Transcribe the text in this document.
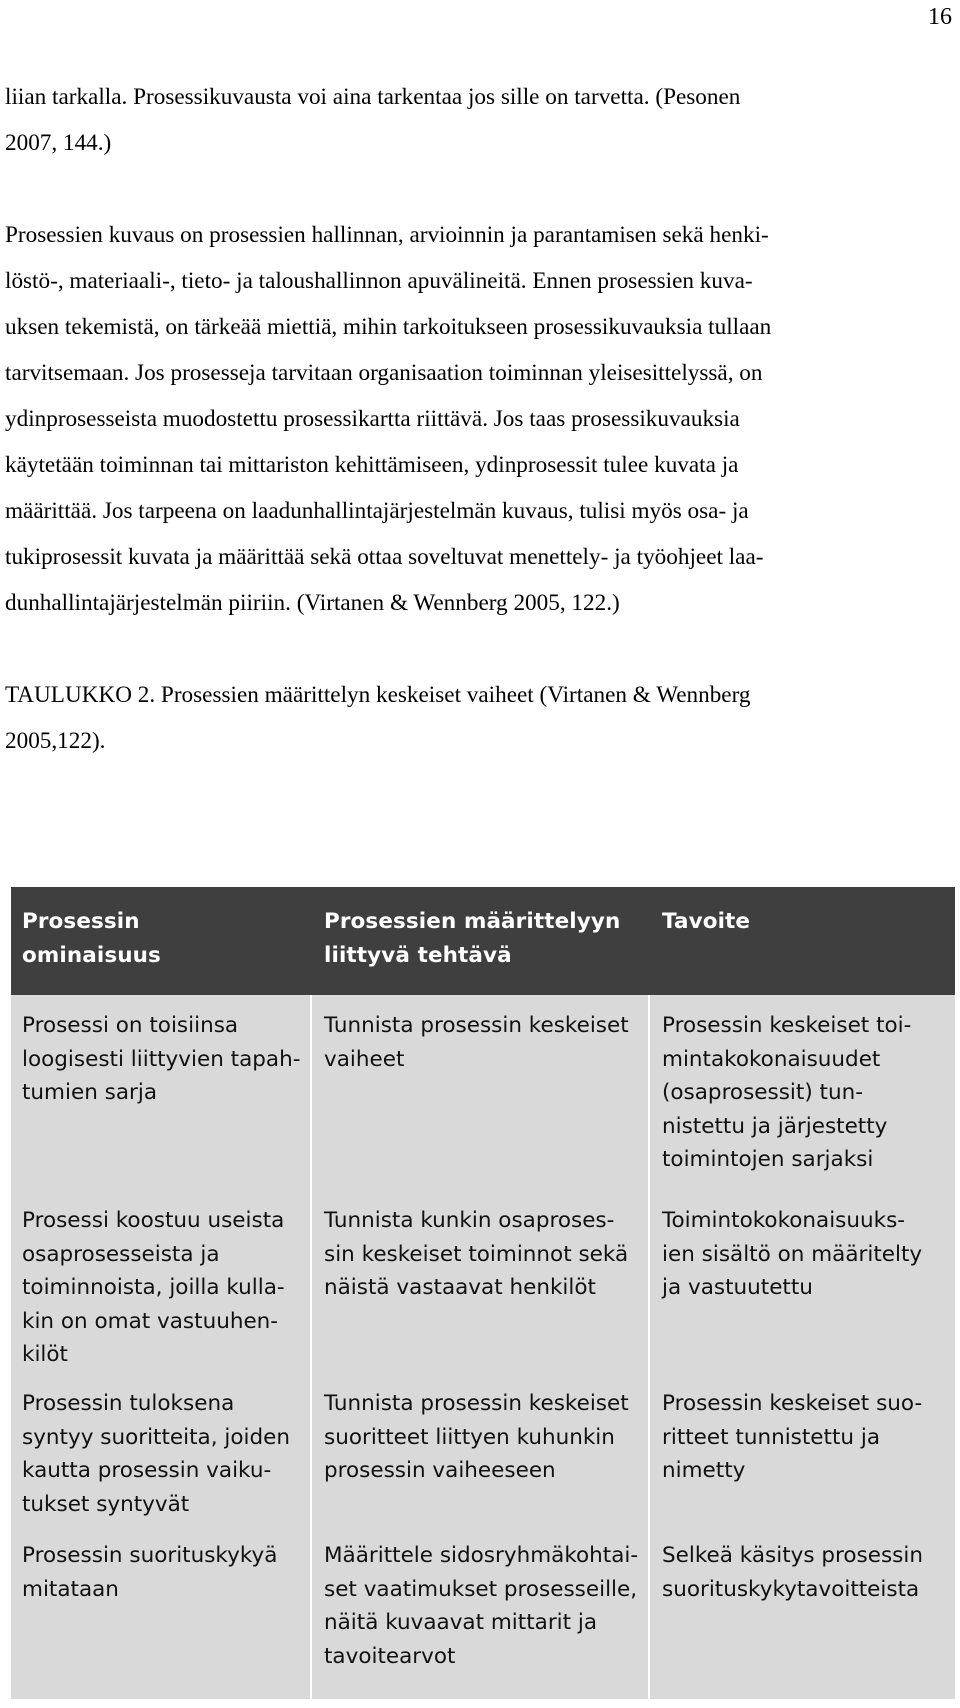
16
liian tarkalla. Prosessikuvausta voi aina tarkentaa jos sille on tarvetta. (Pesonen
2007, 144.)
Prosessien kuvaus on prosessien hallinnan, arvioinnin ja parantamisen sekä henki-
löstö-, materiaali-, tieto- ja taloushallinnon apuvälineitä. Ennen prosessien kuva-
uksen tekemistä, on tärkeää miettiä, mihin tarkoitukseen prosessikuvauksia tullaan
tarvitsemaan. Jos prosesseja tarvitaan organisaation toiminnan yleisesittelyssä, on
ydinprosesseista muodostettu prosessikartta riittävä. Jos taas prosessikuvauksia
käytetään toiminnan tai mittariston kehittämiseen, ydinprosessit tulee kuvata ja
määrittää. Jos tarpeena on laadunhallintajärjestelmän kuvaus, tulisi myös osa- ja
tukiprosessit kuvata ja määrittää sekä ottaa soveltuvat menettely- ja työohjeet laa-
dunhallintajärjestelmän piiriin. (Virtanen & Wennberg 2005, 122.)
TAULUKKO 2. Prosessien määrittelyn keskeiset vaiheet (Virtanen & Wennberg
2005,122).
Prosessin
ominaisuus
Prosessien määrittelyyn
liittyvä tehtävä
Tavoite
Prosessi on toisiinsa
loogisesti liittyvien tapah-
tumien sarja
Tunnista prosessin keskeiset
vaiheet
Prosessin keskeiset toi-
mintakokonaisuudet
(osaprosessit) tun-
nistettu ja järjestetty
toimintojen sarjaksi
Prosessi koostuu useista
osaprosesseista ja
toiminnoista, joilla kulla-
kin on omat vastuuhen-
kilöt
Tunnista kunkin osaproses-
sin keskeiset toiminnot sekä
näistä vastaavat henkilöt
Toimintokokonaisuuks-
ien sisältö on määritelty
ja vastuutettu
Prosessin tuloksena
syntyy suoritteita, joiden
kautta prosessin vaiku-
tukset syntyvät
Tunnista prosessin keskeiset
suoritteet liittyen kuhunkin
prosessin vaiheeseen
Prosessin keskeiset suo-
ritteet tunnistettu ja
nimetty
Prosessin suorituskykyä
mitataan
Määrittele sidosryhmäkohtai-
set vaatimukset prosesseille,
näitä kuvaavat mittarit ja
tavoitearvot
Selkeä käsitys prosessin
suorituskykytavoitteista
